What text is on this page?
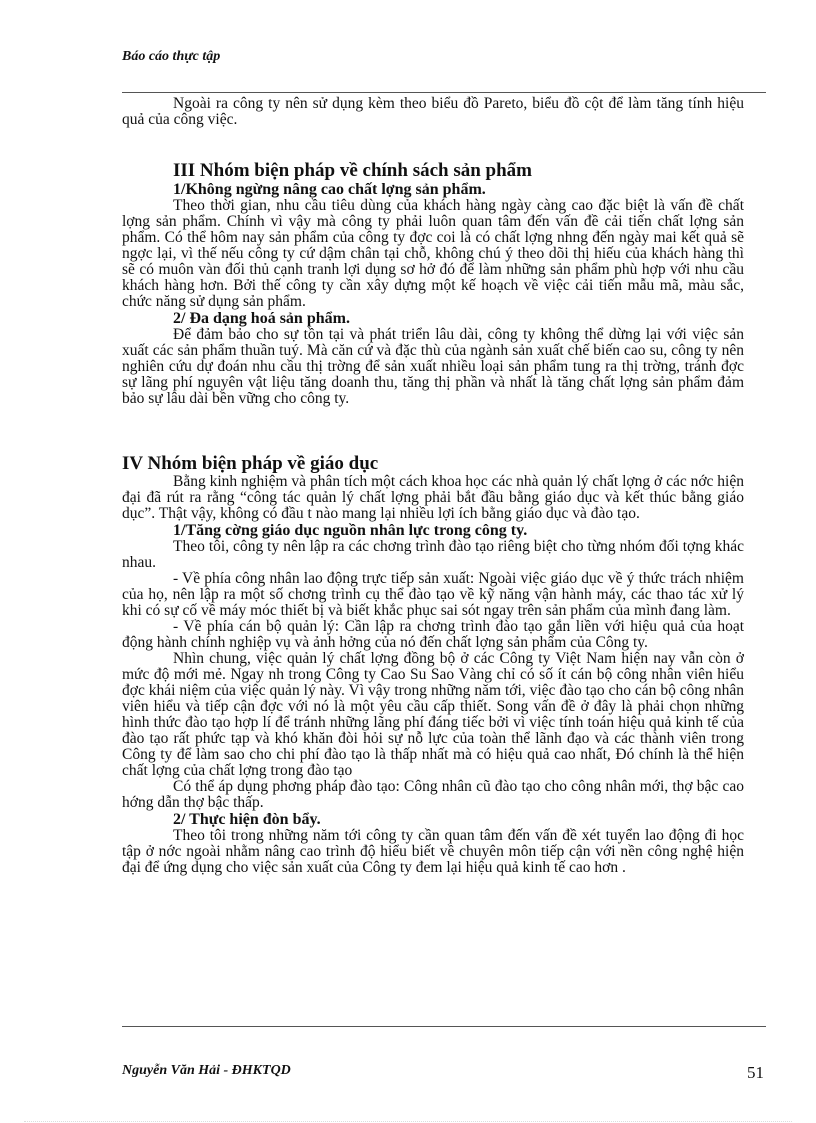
Báo cáo thực tập

Ngoài ra công ty nên sử dụng kèm theo biểu đồ Pareto, biểu đồ cột để làm tăng tính hiệu quả của công việc.

III Nhóm biện pháp về chính sách sản phẩm
1/Không ngừng nâng cao chất lợng sản phẩm.

Theo thời gian, nhu cầu tiêu dùng của khách hàng ngày càng cao đặc biệt là vấn đề chất lợng sản phẩm. Chính vì vậy mà công ty phải luôn quan tâm đến vấn đề cải tiến chất lợng sản phẩm. Có thể hôm nay sản phẩm của công ty đợc coi là có chất lợng nhng đến ngày mai kết quả sẽ ngợc lại, vì thế nếu công ty cứ dậm chân tại chỗ, không chú ý theo dõi thị hiếu của khách hàng thì sẽ có muôn vàn đối thủ cạnh tranh lợi dụng sơ hở đó để làm những sản phẩm phù hợp với nhu cầu khách hàng hơn. Bởi thế công ty cần xây dựng một kế hoạch về việc cải tiến mẫu mã, màu sắc, chức năng sử dụng sản phẩm.

2/ Đa dạng hoá sản phẩm.

Để đảm bảo cho sự tồn tại và phát triển lâu dài, công ty không thể dừng lại với việc sản xuất các sản phẩm thuần tuý. Mà căn cứ và đặc thù của ngành sản xuất chế biến cao su, công ty nên nghiên cứu dự đoán nhu cầu thị trờng để sản xuất nhiều loại sản phẩm tung ra thị trờng, tránh đợc sự lãng phí nguyên vật liệu tăng doanh thu, tăng thị phần và nhất là tăng chất lợng sản phẩm đảm bảo sự lâu dài bền vững cho công ty.

IV Nhóm biện pháp về giáo dục

Bằng kinh nghiệm và phân tích một cách khoa học các nhà quản lý chất lợng ở các nớc hiện đại đã rút ra rằng “công tác quản lý chất lợng phải bắt đầu bằng giáo dục và kết thúc bằng giáo dục”. Thật vậy, không có đầu t nào mang lại nhiều lợi ích bằng giáo dục và đào tạo.

1/Tăng cờng giáo dục nguồn nhân lực trong công ty.

Theo tôi, công ty nên lập ra các chơng trình đào tạo riêng biệt cho từng nhóm đối tợng khác nhau.

- Về phía công nhân lao động trực tiếp sản xuất: Ngoài việc giáo dục về ý thức trách nhiệm của họ, nên lập ra một số chơng trình cụ thể đào tạo về kỹ năng vận hành máy, các thao tác xử lý khi có sự cố về máy móc thiết bị và biết khắc phục sai sót ngay trên sản phẩm của mình đang làm.

- Về phía cán bộ quản lý: Cần lập ra chơng trình đào tạo gắn liền với hiệu quả của hoạt động hành chính nghiệp vụ và ảnh hởng của nó đến chất lợng sản phẩm của Công ty.

Nhìn chung, việc quản lý chất lợng đồng bộ ở các Công ty Việt Nam hiện nay vẫn còn ở mức độ mới mẻ. Ngay nh trong Công ty Cao Su Sao Vàng chỉ có số ít cán bộ công nhân viên hiểu đợc khái niệm của việc quản lý này. Vì vậy trong những năm tới, việc đào tạo cho cán bộ công nhân viên hiểu và tiếp cận đợc với nó là một yêu cầu cấp thiết. Song vấn đề ở đây là phải chọn những hình thức đào tạo hợp lí để tránh những lãng phí đáng tiếc bởi vì việc tính toán hiệu quả kinh tế của đào tạo rất phức tạp và khó khăn đòi hỏi sự nỗ lực của toàn thể lãnh đạo và các thành viên trong Công ty để làm sao cho chi phí đào tạo là thấp nhất mà có hiệu quả cao nhất, Đó chính là thể hiện chất lợng của chất lợng trong đào tạo

Có thể áp dụng phơng pháp đào tạo: Công nhân cũ đào tạo cho công nhân mới, thợ bậc cao hớng dẫn thợ bậc thấp.

2/ Thực hiện đòn bẩy.

Theo tôi trong những năm tới công ty cần quan tâm đến vấn đề xét tuyển lao động đi học tập ở nớc ngoài nhằm nâng cao trình độ hiểu biết về chuyên môn tiếp cận với nền công nghệ hiện đại để ứng dụng cho việc sản xuất của Công ty đem lại hiệu quả kinh tế cao hơn .

Nguyễn Văn Hải - ĐHKTQD	51
